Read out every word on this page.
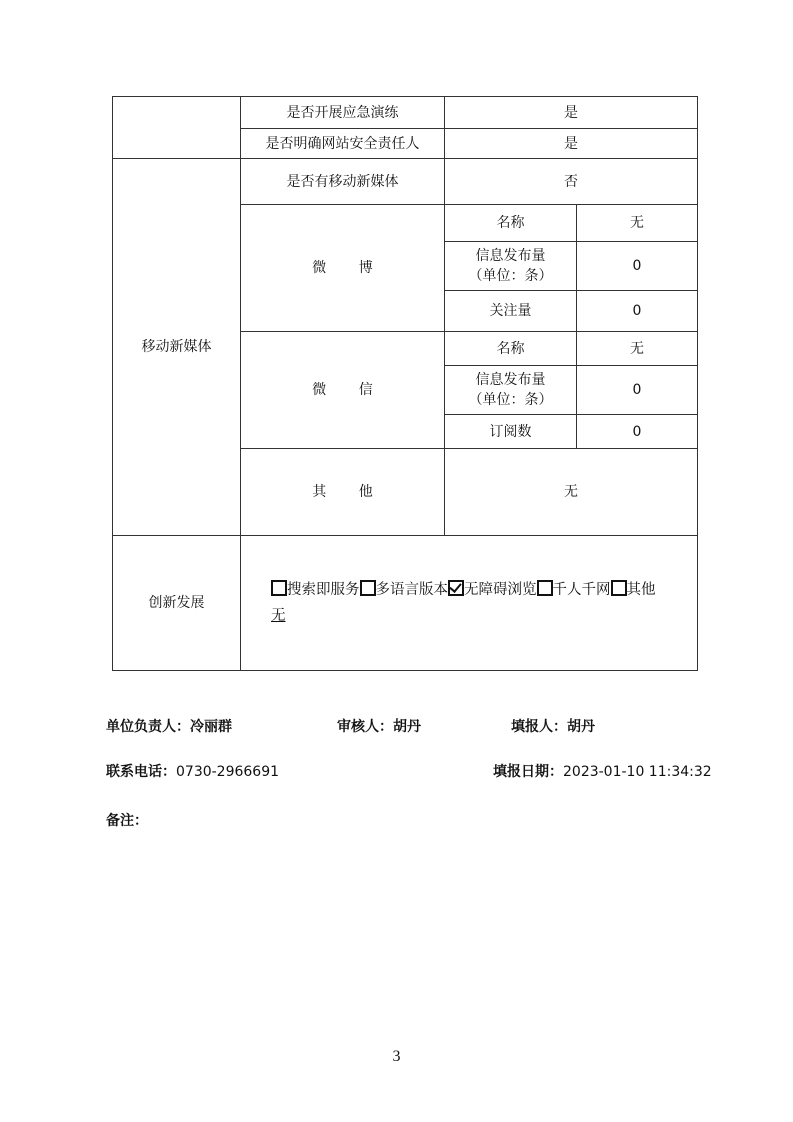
	是否开展应急演练	是	
	是否明确网站安全责任人	是	
移动新媒体	是否有移动新媒体	否	
	微 博	名称	无

		信息发布量
（单位：条）	0
		关注量	0
	微 信	名称	无

		信息发布量
（单位：条）	0
		订阅数	0
	其 他	无	
创新发展	搜索即服务 多语言版本 无障碍浏览 千人千网 其他
无		
单位负责人：冷丽群	审核人：胡丹	填报人：胡丹
联系电话：0730-2966691	填报日期：2023-01-10 11:34:32
备注：
3
